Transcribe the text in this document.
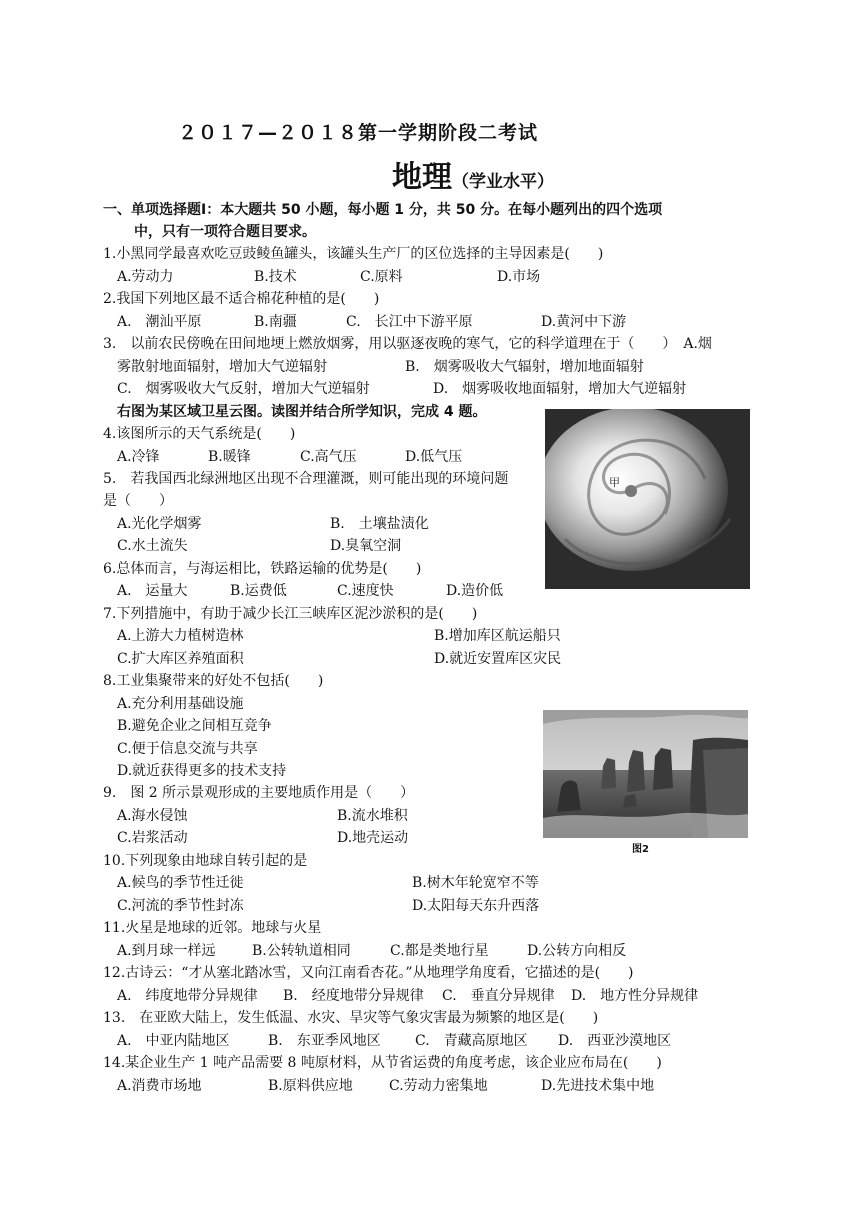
２０１７—２０１８第一学期阶段二考试
地理（学业水平）
一、单项选择题Ⅰ：本大题共 50 小题，每小题 1 分，共 50 分。在每小题列出的四个选项
中，只有一项符合题目要求。
1.小黑同学最喜欢吃豆豉鲮鱼罐头，该罐头生产厂的区位选择的主导因素是(　　)
A.劳动力	B.技术	C.原料	D.市场
2.我国下列地区最不适合棉花种植的是(　　)
A.　潮汕平原	B.南疆	C.　长江中下游平原	D.黄河中下游
3.　以前农民傍晚在田间地埂上燃放烟雾，用以驱逐夜晚的寒气，它的科学道理在于（　　）　A.烟
雾散射地面辐射，增加大气逆辐射	B.　烟雾吸收大气辐射，增加地面辐射
C.　烟雾吸收大气反射，增加大气逆辐射	D.　烟雾吸收地面辐射，增加大气逆辐射
右图为某区域卫星云图。读图并结合所学知识，完成 4 题。
甲
4.该图所示的天气系统是(　　)
A.冷锋	B.暖锋	C.高气压	D.低气压
5.　若我国西北绿洲地区出现不合理灌溉，则可能出现的环境问题
是（　　）
A.光化学烟雾	B.　土壤盐渍化
C.水土流失	D.臭氧空洞
6.总体而言，与海运相比，铁路运输的优势是(　　)
A.　运量大	B.运费低	C.速度快	D.造价低
7.下列措施中，有助于减少长江三峡库区泥沙淤积的是(　　)
A.上游大力植树造林	B.增加库区航运船只
C.扩大库区养殖面积	D.就近安置库区灾民
8.工业集聚带来的好处不包括(　　)
A.充分利用基础设施
B.避免企业之间相互竞争
C.便于信息交流与共享
D.就近获得更多的技术支持
图2
9.　图 2 所示景观形成的主要地质作用是（　　）
A.海水侵蚀	B.流水堆积
C.岩浆活动	D.地壳运动
10.下列现象由地球自转引起的是
A.候鸟的季节性迁徙	B.树木年轮宽窄不等
C.河流的季节性封冻	D.太阳每天东升西落
11.火星是地球的近邻。地球与火星
A.到月球一样远	B.公转轨道相同	C.都是类地行星	D.公转方向相反
12.古诗云：“才从塞北踏冰雪，又向江南看杏花。”从地理学角度看，它描述的是(　　)
A.　纬度地带分异规律 B.　经度地带分异规律 C.　垂直分异规律 D.　地方性分异规律
13.　在亚欧大陆上，发生低温、水灾、旱灾等气象灾害最为频繁的地区是(　　)
A.　中亚内陆地区	B.　东亚季风地区 C.　青藏高原地区 D.　西亚沙漠地区
14.某企业生产 1 吨产品需要 8 吨原材料，从节省运费的角度考虑，该企业应布局在(　　)
A.消费市场地	B.原料供应地	C.劳动力密集地	D.先进技术集中地
